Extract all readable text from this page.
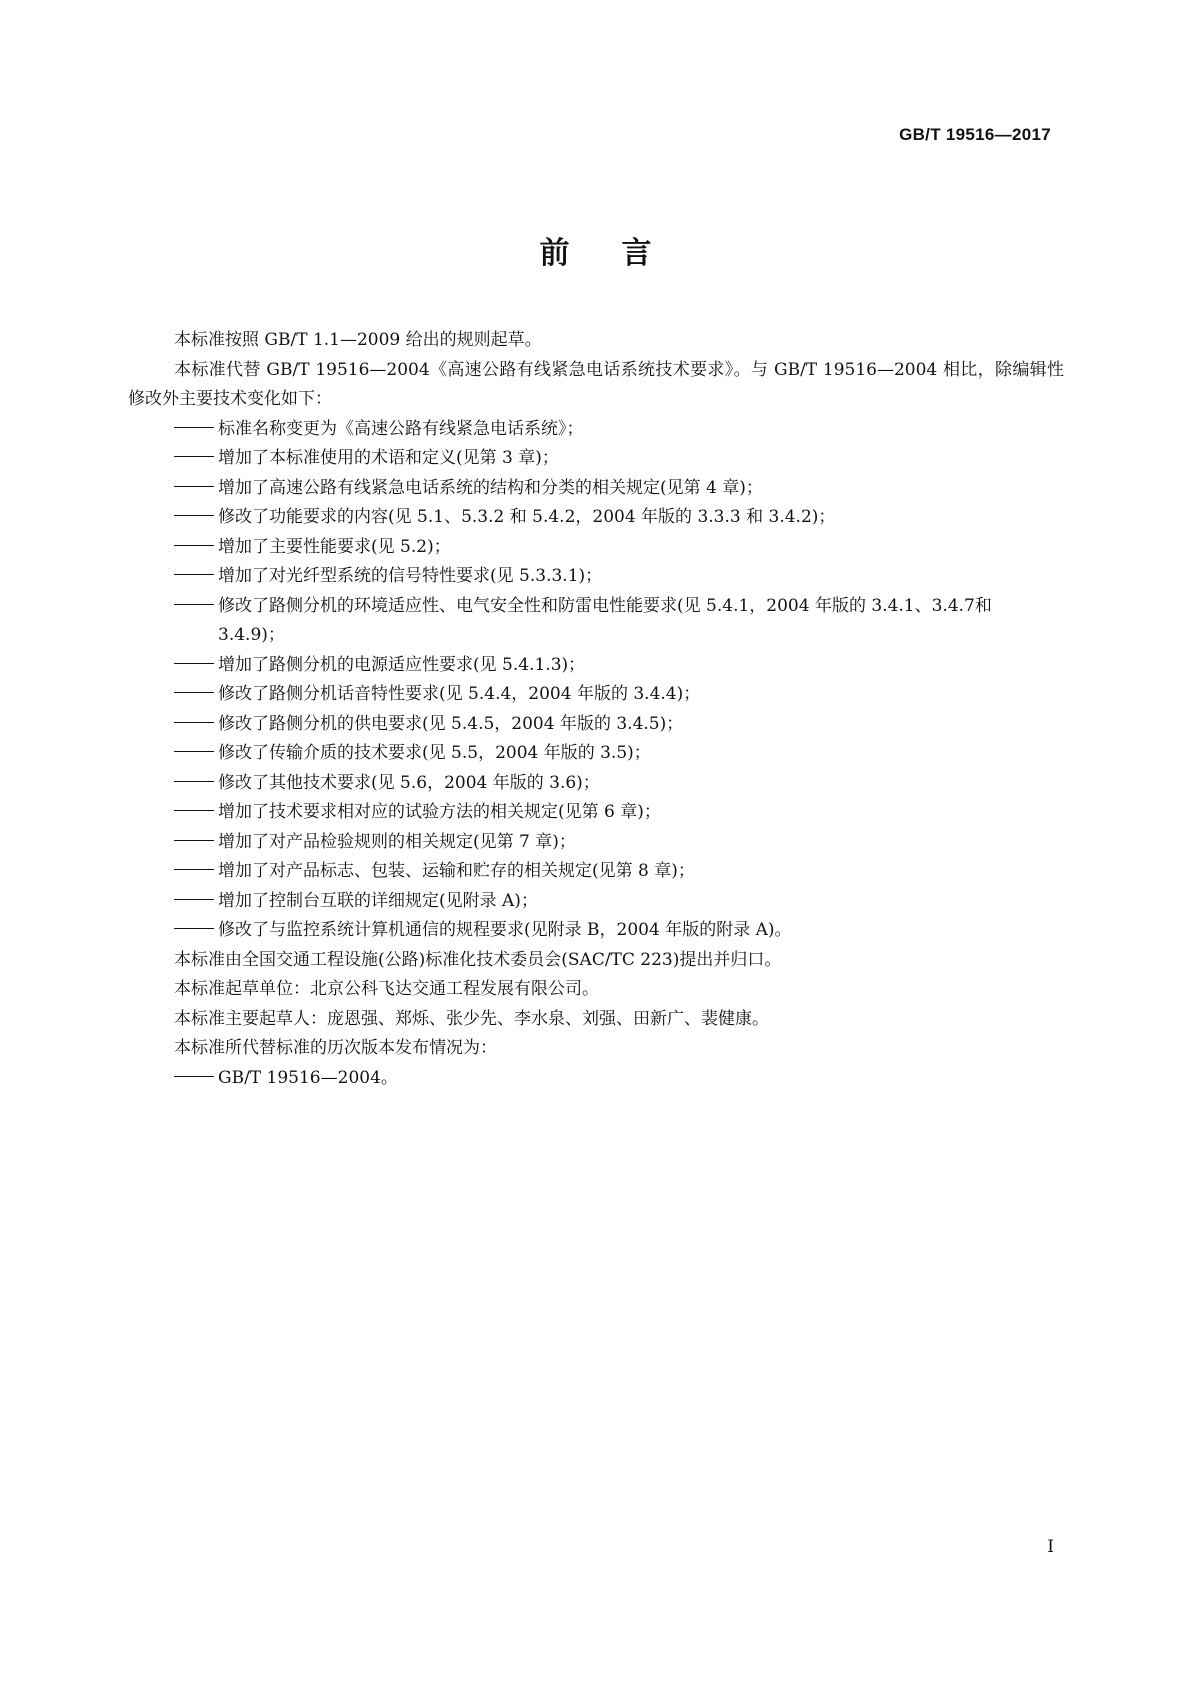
GB/T 19516—2017
前 言

本标准按照 GB/T 1.1—2009 给出的规则起草。

本标准代替 GB/T 19516—2004《高速公路有线紧急电话系统技术要求》。与 GB/T 19516—2004 相比，除编辑性修改外主要技术变化如下：

标准名称变更为《高速公路有线紧急电话系统》；

增加了本标准使用的术语和定义(见第 3 章)；

增加了高速公路有线紧急电话系统的结构和分类的相关规定(见第 4 章)；

修改了功能要求的内容(见 5.1、5.3.2 和 5.4.2，2004 年版的 3.3.3 和 3.4.2)；

增加了主要性能要求(见 5.2)；

增加了对光纤型系统的信号特性要求(见 5.3.3.1)；

修改了路侧分机的环境适应性、电气安全性和防雷电性能要求(见 5.4.1，2004 年版的 3.4.1、3.4.7和 3.4.9)；

增加了路侧分机的电源适应性要求(见 5.4.1.3)；

修改了路侧分机话音特性要求(见 5.4.4，2004 年版的 3.4.4)；

修改了路侧分机的供电要求(见 5.4.5，2004 年版的 3.4.5)；

修改了传输介质的技术要求(见 5.5，2004 年版的 3.5)；

修改了其他技术要求(见 5.6，2004 年版的 3.6)；

增加了技术要求相对应的试验方法的相关规定(见第 6 章)；

增加了对产品检验规则的相关规定(见第 7 章)；

增加了对产品标志、包装、运输和贮存的相关规定(见第 8 章)；

增加了控制台互联的详细规定(见附录 A)；

修改了与监控系统计算机通信的规程要求(见附录 B，2004 年版的附录 A)。

本标准由全国交通工程设施(公路)标准化技术委员会(SAC/TC 223)提出并归口。

本标准起草单位：北京公科飞达交通工程发展有限公司。

本标准主要起草人：庞恩强、郑烁、张少先、李水泉、刘强、田新广、裴健康。

本标准所代替标准的历次版本发布情况为：

GB/T 19516—2004。

I
